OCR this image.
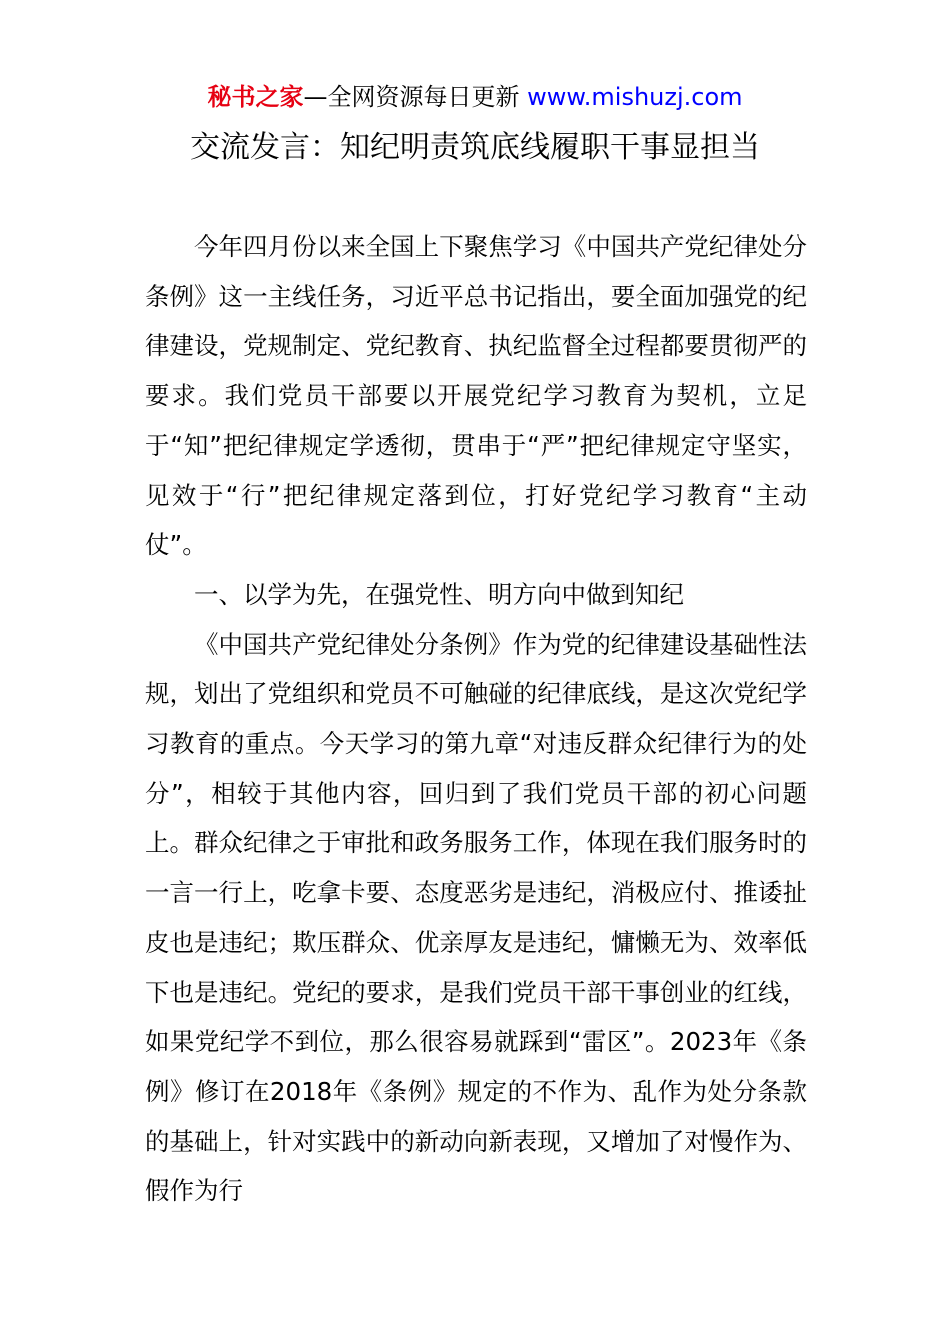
秘书之家—全网资源每日更新 www.mishuzj.com
交流发言：知纪明责筑底线履职干事显担当

今年四月份以来全国上下聚焦学习《中国共产党纪律处分条例》这一主线任务，习近平总书记指出，要全面加强党的纪律建设，党规制定、党纪教育、执纪监督全过程都要贯彻严的要求。我们党员干部要以开展党纪学习教育为契机，立足于“知”把纪律规定学透彻，贯串于“严”把纪律规定守坚实，见效于“行”把纪律规定落到位，打好党纪学习教育“主动仗”。

一、以学为先，在强党性、明方向中做到知纪

《中国共产党纪律处分条例》作为党的纪律建设基础性法规，划出了党组织和党员不可触碰的纪律底线，是这次党纪学习教育的重点。今天学习的第九章“对违反群众纪律行为的处分”，相较于其他内容，回归到了我们党员干部的初心问题上。群众纪律之于审批和政务服务工作，体现在我们服务时的一言一行上，吃拿卡要、态度恶劣是违纪，消极应付、推诿扯皮也是违纪；欺压群众、优亲厚友是违纪，慵懒无为、效率低下也是违纪。党纪的要求，是我们党员干部干事创业的红线，如果党纪学不到位，那么很容易就踩到“雷区”。2023年《条例》修订在2018年《条例》规定的不作为、乱作为处分条款的基础上，针对实践中的新动向新表现，又增加了对慢作为、假作为行
